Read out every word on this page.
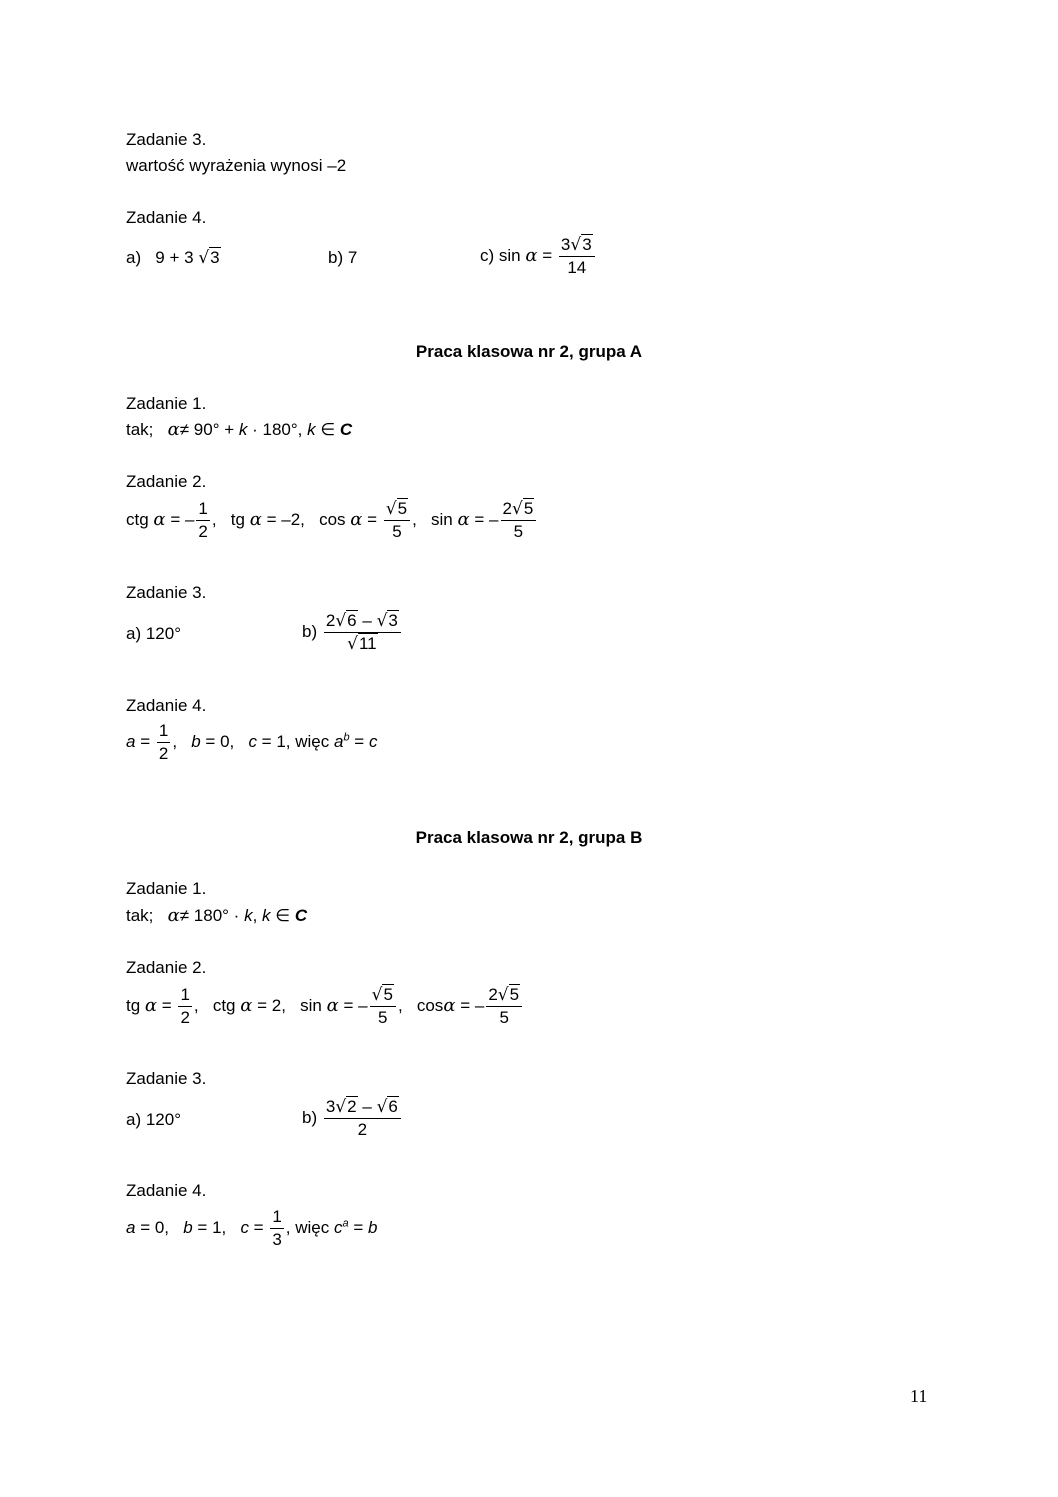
Zadanie 3.
wartość wyrażenia wynosi –2
Zadanie 4.
a) 9 + 3 √3	b) 7	c) $\sin \alpha = \frac{3√3}{14}$
Praca klasowa nr 2, grupa A
Zadanie 1.
tak; α≠ 90° + k · 180°, k ∈ C
Zadanie 2.
ctg α = – $\frac{1}{2}$ ,   tg α = –2, $\cos \alpha = \frac{√5}{5}$ ,   sin α = – $\frac{2√5}{5}$
Zadanie 3.
a) 120°	$b) \frac{2√6 - √3}{√11}$
Zadanie 4.
$a = \frac{1}{2}$ ,   b = 0, c = 1, więc $a^b = c$
Praca klasowa nr 2, grupa B
Zadanie 1.
tak; α≠ 180° · k, k ∈ C
Zadanie 2.
tg $\alpha = \frac{1}{2}$ ,   ctg α = 2, sin α = – $\frac{√5}{5}$ ,   cosα = – $\frac{2√5}{5}$
Zadanie 3.
a) 120°	$b) \frac{3√2 - √6}{2}$
Zadanie 4.
a = 0, b = 1, $c = \frac{1}{3}$ , więc $c^a = b$
11
